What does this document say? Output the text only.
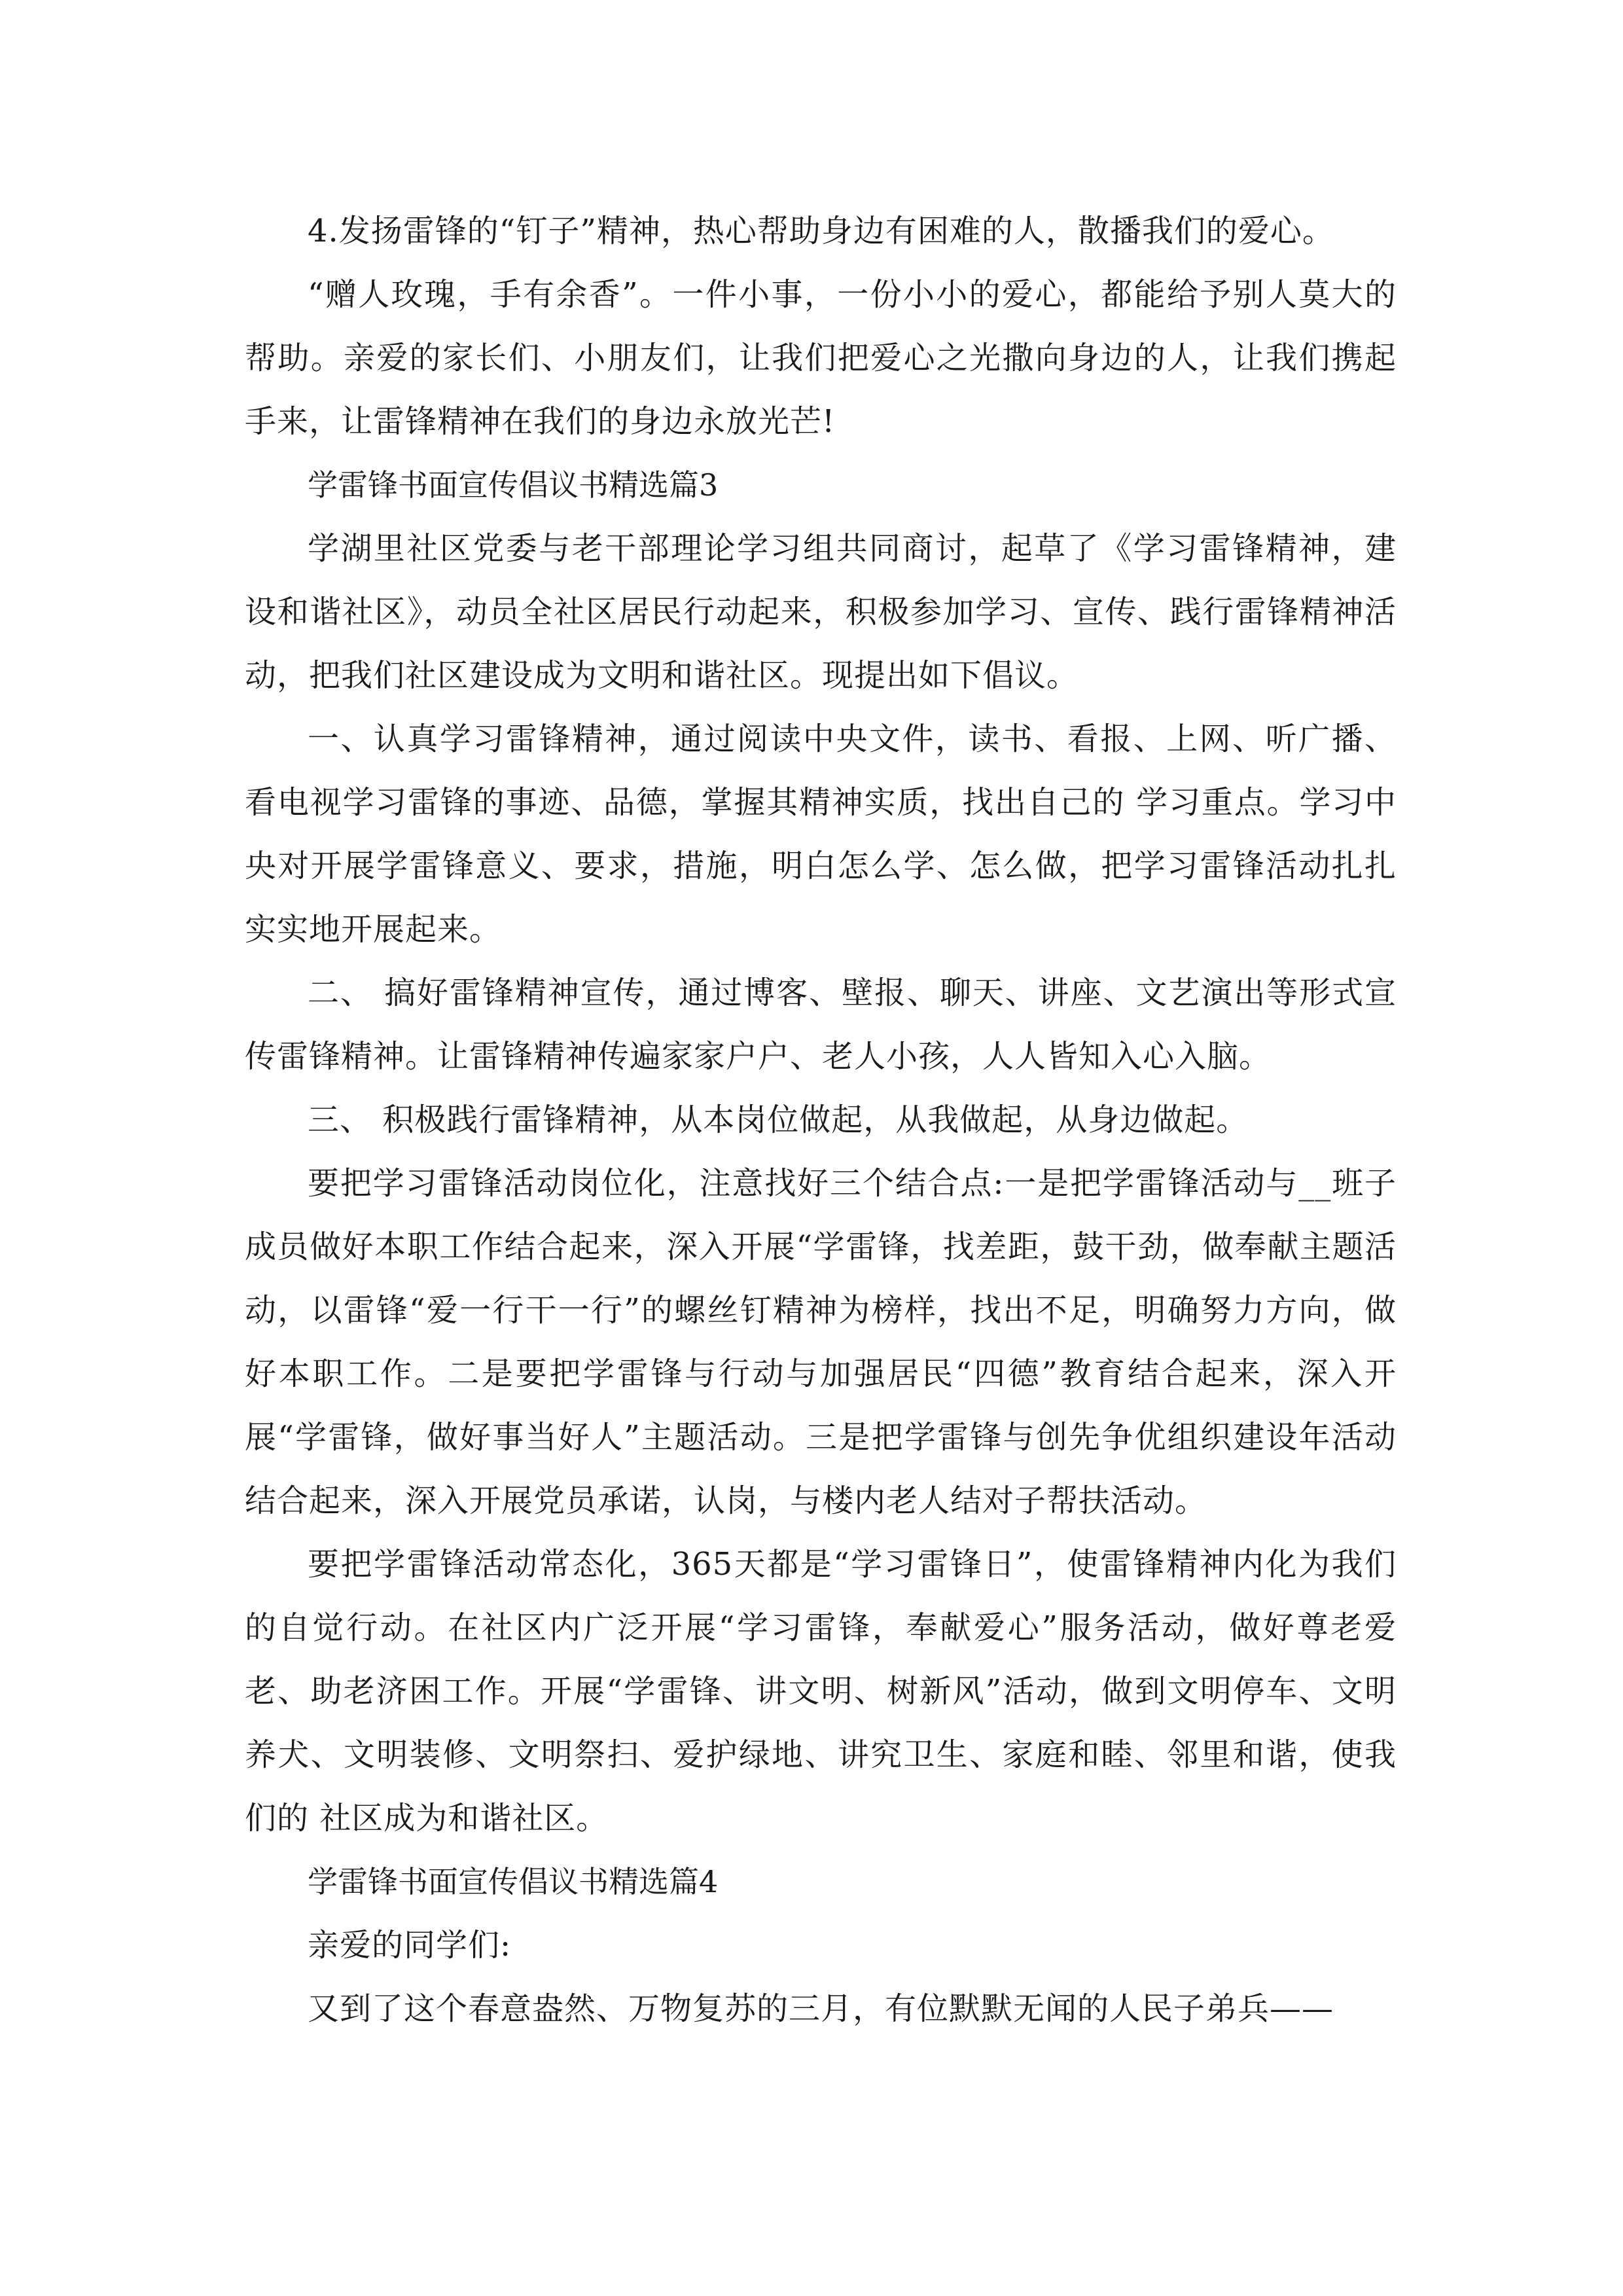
4.发扬雷锋的“钉子”精神，热心帮助身边有困难的人，散播我们的爱心。

“赠人玫瑰，手有余香”。一件小事，一份小小的爱心，都能给予别人莫大的帮助。亲爱的家长们、小朋友们，让我们把爱心之光撒向身边的人，让我们携起手来，让雷锋精神在我们的身边永放光芒!

学雷锋书面宣传倡议书精选篇3

学湖里社区党委与老干部理论学习组共同商讨，起草了《学习雷锋精神，建设和谐社区》，动员全社区居民行动起来，积极参加学习、宣传、践行雷锋精神活动，把我们社区建设成为文明和谐社区。现提出如下倡议。

一、认真学习雷锋精神，通过阅读中央文件，读书、看报、上网、听广播、看电视学习雷锋的事迹、品德，掌握其精神实质，找出自己的 学习重点。学习中央对开展学雷锋意义、要求，措施，明白怎么学、怎么做，把学习雷锋活动扎扎实实地开展起来。

二、 搞好雷锋精神宣传，通过博客、壁报、聊天、讲座、文艺演出等形式宣传雷锋精神。让雷锋精神传遍家家户户、老人小孩，人人皆知入心入脑。

三、 积极践行雷锋精神，从本岗位做起，从我做起，从身边做起。

要把学习雷锋活动岗位化，注意找好三个结合点:一是把学雷锋活动与__班子成员做好本职工作结合起来，深入开展“学雷锋，找差距，鼓干劲，做奉献主题活动，以雷锋“爱一行干一行”的螺丝钉精神为榜样，找出不足，明确努力方向，做好本职工作。二是要把学雷锋与行动与加强居民“四德”教育结合起来，深入开展“学雷锋，做好事当好人”主题活动。三是把学雷锋与创先争优组织建设年活动结合起来，深入开展党员承诺，认岗，与楼内老人结对子帮扶活动。

要把学雷锋活动常态化，365天都是“学习雷锋日”，使雷锋精神内化为我们的自觉行动。在社区内广泛开展“学习雷锋，奉献爱心”服务活动，做好尊老爱老、助老济困工作。开展“学雷锋、讲文明、树新风”活动，做到文明停车、文明养犬、文明装修、文明祭扫、爱护绿地、讲究卫生、家庭和睦、邻里和谐，使我们的 社区成为和谐社区。

学雷锋书面宣传倡议书精选篇4

亲爱的同学们:

又到了这个春意盎然、万物复苏的三月，有位默默无闻的人民子弟兵——
